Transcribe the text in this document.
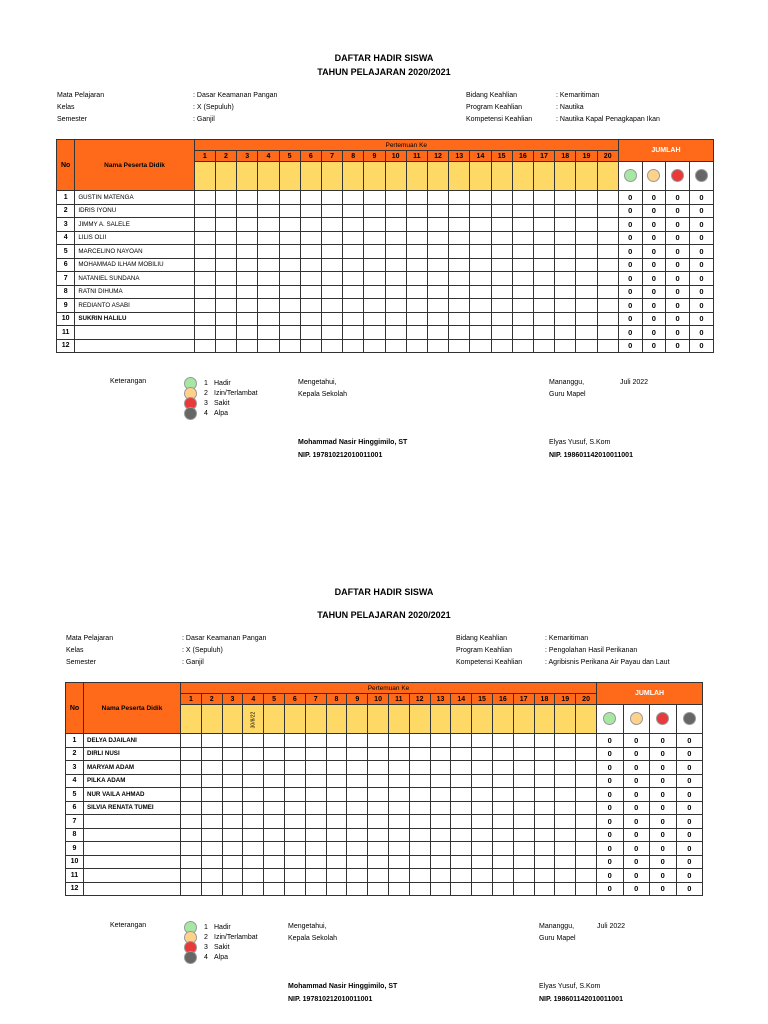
DAFTAR HADIR SISWA
TAHUN PELAJARAN 2020/2021
Mata Pelajaran	: Dasar Keamanan Pangan
Kelas	: X (Sepuluh)
Semester	: Ganjil
Bidang Keahlian	: Kemaritiman
Program Keahlian	: Nautika
Kompetensi Keahlian	: Nautika Kapal Penagkapan Ikan
No	Nama Peserta Didik	Pertemuan Ke																				JUMLAH			
		1	2	3	4	5	6	7	8	9	10	11	12	13	14	15	16	17	18	19	20				

1	GUSTIN MATENGA																					0	0	0	0
2	IDRIS IYONU																					0	0	0	0
3	JIMMY A. SALELE																					0	0	0	0
4	LILIS OLII																					0	0	0	0
5	MARCELINO NAYOAN																					0	0	0	0
6	MOHAMMAD ILHAM MOBILIU																					0	0	0	0
7	NATANIEL SUNDANA																					0	0	0	0
8	RATNI DIHUMA																					0	0	0	0
9	REDIANTO ASABI																					0	0	0	0
10	SUKRIN HALILU																					0	0	0	0
11																						0	0	0	0
12																						0	0	0	0
Keterangan	1 Hadir
2 Izin/Terlambat
3 Sakit
4 Alpa
Mengetahui,
Kepala Sekolah
Mohammad Nasir Hinggimilo, ST
NIP. 197810212010011001
Mananggu,	Juli 2022
Guru Mapel
Elyas Yusuf, S.Kom
NIP. 198601142010011001
DAFTAR HADIR SISWA
TAHUN PELAJARAN 2020/2021
Mata Pelajaran	: Dasar Keamanan Pangan
Kelas	: X (Sepuluh)
Semester	: Ganjil
Bidang Keahlian	: Kemaritiman
Program Keahlian	: Pengolahan Hasil Perikanan
Kompetensi Keahlian	: Agribisnis Perikana Air Payau dan Laut
No	Nama Peserta Didik	Pertemuan Ke																				JUMLAH			
		1	2	3	4	5	6	7	8	9	10	11	12	13	14	15	16	17	18	19	20				
					30/8/22																				
1	DELYA DJAILANI																					0	0	0	0
2	DIRLI NUSI																					0	0	0	0
3	MARYAM ADAM																					0	0	0	0
4	PILKA ADAM																					0	0	0	0
5	NUR VAILA AHMAD																					0	0	0	0
6	SILVIA RENATA TUMEI																					0	0	0	0
7																						0	0	0	0
8																						0	0	0	0
9																						0	0	0	0
10																						0	0	0	0
11																						0	0	0	0
12																						0	0	0	0
Keterangan	1 Hadir
2 Izin/Terlambat
3 Sakit
4 Alpa
Mengetahui,
Kepala Sekolah
Mohammad Nasir Hinggimilo, ST
NIP. 197810212010011001
Mananggu,	Juli 2022
Guru Mapel
Elyas Yusuf, S.Kom
NIP. 198601142010011001
